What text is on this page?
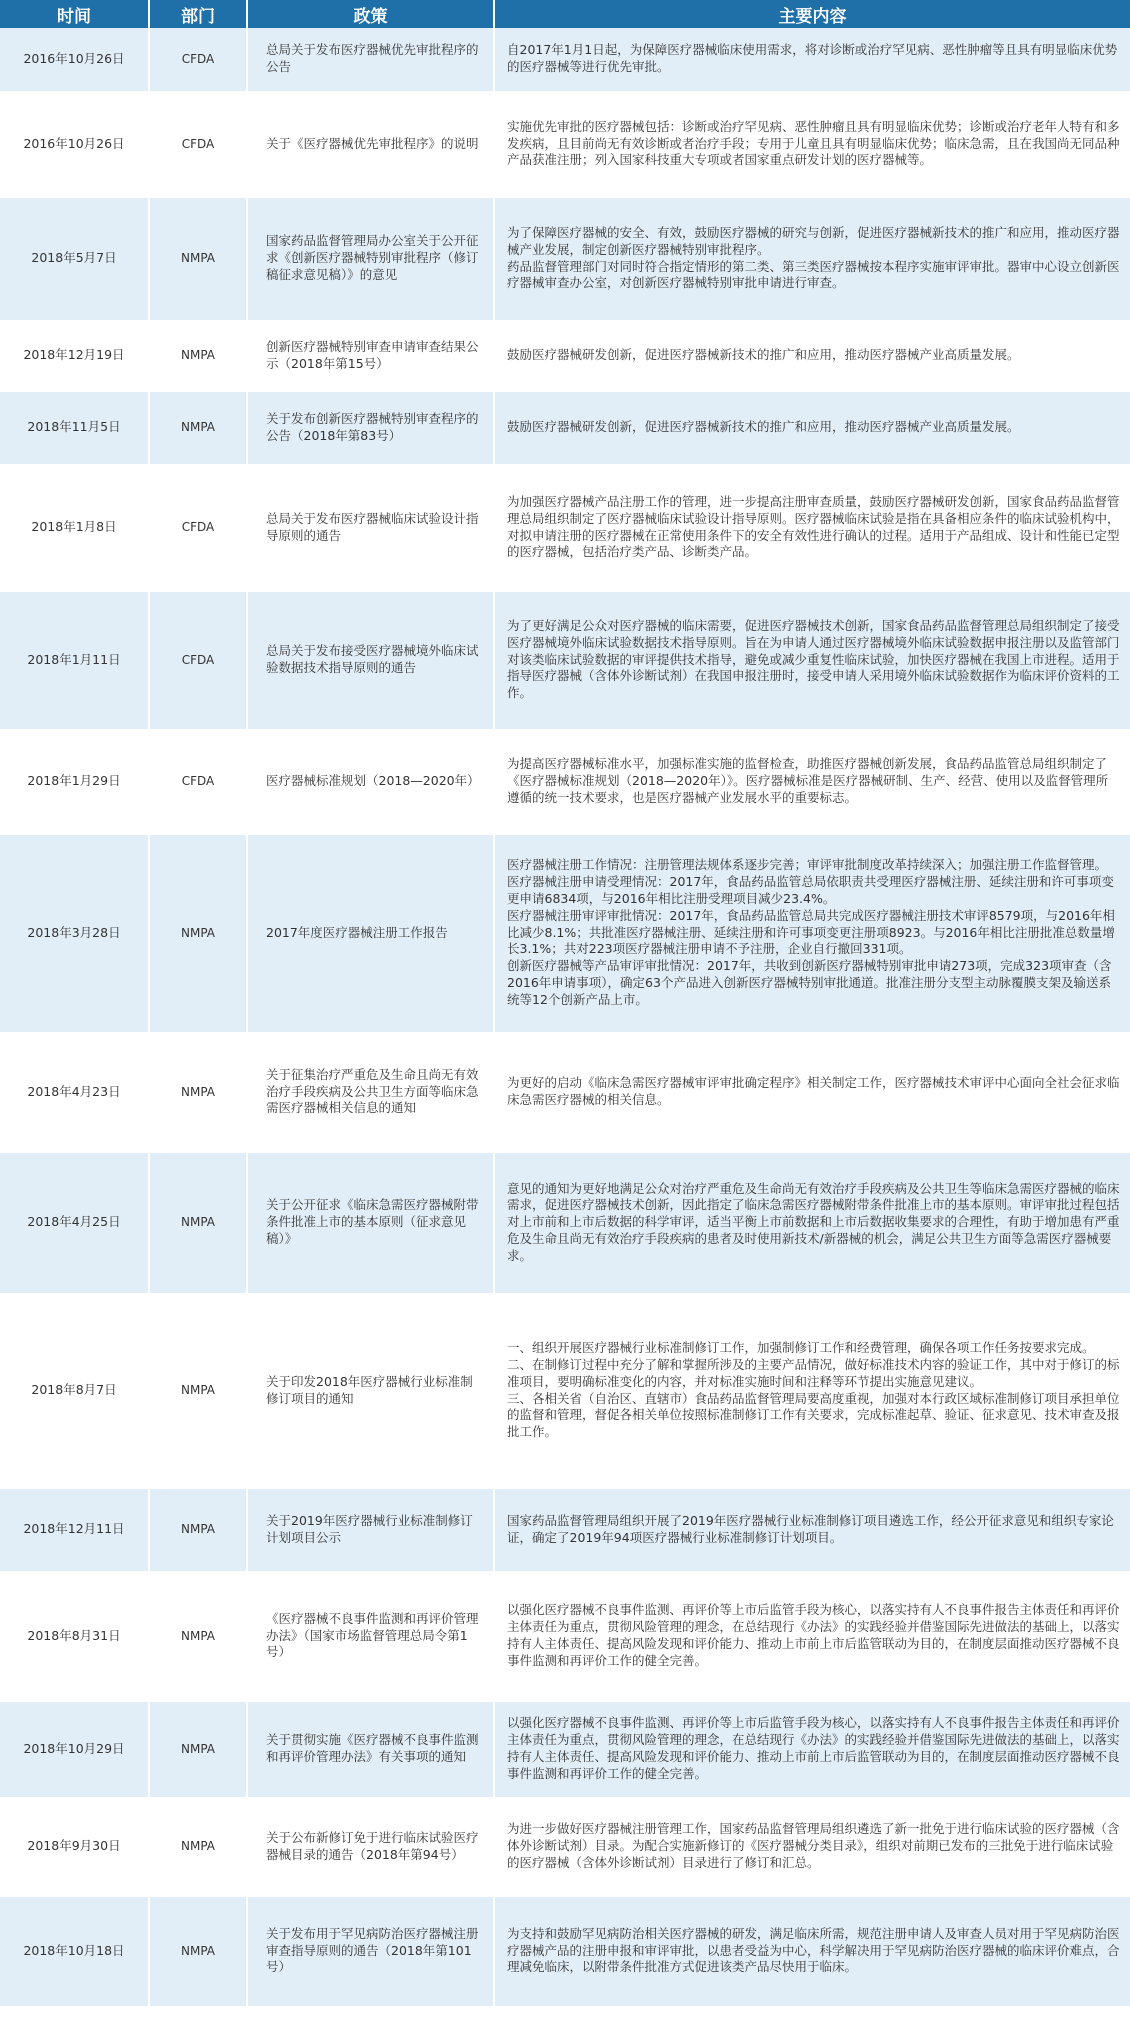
时间	部门	政策	主要内容
2016年10月26日	CFDA	总局关于发布医疗器械优先审批程序的公告	自2017年1月1日起，为保障医疗器械临床使用需求，将对诊断或治疗罕见病、恶性肿瘤等且具有明显临床优势的医疗器械等进行优先审批。
2016年10月26日	CFDA	关于《医疗器械优先审批程序》的说明	实施优先审批的医疗器械包括：诊断或治疗罕见病、恶性肿瘤且具有明显临床优势；诊断或治疗老年人特有和多发疾病，且目前尚无有效诊断或者治疗手段；专用于儿童且具有明显临床优势；临床急需，且在我国尚无同品种产品获准注册；列入国家科技重大专项或者国家重点研发计划的医疗器械等。
2018年5月7日	NMPA	国家药品监督管理局办公室关于公开征求《创新医疗器械特别审批程序（修订稿征求意见稿）》的意见	为了保障医疗器械的安全、有效，鼓励医疗器械的研究与创新，促进医疗器械新技术的推广和应用，推动医疗器械产业发展，制定创新医疗器械特别审批程序。
药品监督管理部门对同时符合指定情形的第二类、第三类医疗器械按本程序实施审评审批。器审中心设立创新医疗器械审查办公室，对创新医疗器械特别审批申请进行审查。
2018年12月19日	NMPA	创新医疗器械特别审查申请审查结果公示（2018年第15号）	鼓励医疗器械研发创新，促进医疗器械新技术的推广和应用，推动医疗器械产业高质量发展。
2018年11月5日	NMPA	关于发布创新医疗器械特别审查程序的公告（2018年第83号）	鼓励医疗器械研发创新，促进医疗器械新技术的推广和应用，推动医疗器械产业高质量发展。
2018年1月8日	CFDA	总局关于发布医疗器械临床试验设计指导原则的通告	为加强医疗器械产品注册工作的管理，进一步提高注册审查质量，鼓励医疗器械研发创新，国家食品药品监督管理总局组织制定了医疗器械临床试验设计指导原则。医疗器械临床试验是指在具备相应条件的临床试验机构中，对拟申请注册的医疗器械在正常使用条件下的安全有效性进行确认的过程。适用于产品组成、设计和性能已定型的医疗器械，包括治疗类产品、诊断类产品。
2018年1月11日	CFDA	总局关于发布接受医疗器械境外临床试验数据技术指导原则的通告	为了更好满足公众对医疗器械的临床需要，促进医疗器械技术创新，国家食品药品监督管理总局组织制定了接受医疗器械境外临床试验数据技术指导原则。旨在为申请人通过医疗器械境外临床试验数据申报注册以及监管部门对该类临床试验数据的审评提供技术指导，避免或减少重复性临床试验，加快医疗器械在我国上市进程。适用于指导医疗器械（含体外诊断试剂）在我国申报注册时，接受申请人采用境外临床试验数据作为临床评价资料的工作。
2018年1月29日	CFDA	医疗器械标准规划（2018—2020年）	为提高医疗器械标准水平，加强标准实施的监督检查，助推医疗器械创新发展，食品药品监管总局组织制定了《医疗器械标准规划（2018—2020年）》。医疗器械标准是医疗器械研制、生产、经营、使用以及监督管理所遵循的统一技术要求，也是医疗器械产业发展水平的重要标志。
2018年3月28日	NMPA	2017年度医疗器械注册工作报告	医疗器械注册工作情况：注册管理法规体系逐步完善；审评审批制度改革持续深入；加强注册工作监督管理。
医疗器械注册申请受理情况：2017年，食品药品监管总局依职责共受理医疗器械注册、延续注册和许可事项变更申请6834项，与2016年相比注册受理项目减少23.4%。
医疗器械注册审评审批情况：2017年，食品药品监管总局共完成医疗器械注册技术审评8579项，与2016年相比减少8.1%；共批准医疗器械注册、延续注册和许可事项变更注册项8923。与2016年相比注册批准总数量增长3.1%；共对223项医疗器械注册申请不予注册，企业自行撤回331项。
创新医疗器械等产品审评审批情况：2017年，共收到创新医疗器械特别审批申请273项，完成323项审查（含2016年申请事项），确定63个产品进入创新医疗器械特别审批通道。批准注册分支型主动脉覆膜支架及输送系统等12个创新产品上市。
2018年4月23日	NMPA	关于征集治疗严重危及生命且尚无有效治疗手段疾病及公共卫生方面等临床急需医疗器械相关信息的通知	为更好的启动《临床急需医疗器械审评审批确定程序》相关制定工作，医疗器械技术审评中心面向全社会征求临床急需医疗器械的相关信息。
2018年4月25日	NMPA	关于公开征求《临床急需医疗器械附带条件批准上市的基本原则（征求意见稿）》	意见的通知为更好地满足公众对治疗严重危及生命尚无有效治疗手段疾病及公共卫生等临床急需医疗器械的临床需求，促进医疗器械技术创新，因此指定了临床急需医疗器械附带条件批准上市的基本原则。审评审批过程包括对上市前和上市后数据的科学审评，适当平衡上市前数据和上市后数据收集要求的合理性，有助于增加患有严重危及生命且尚无有效治疗手段疾病的患者及时使用新技术/新器械的机会，满足公共卫生方面等急需医疗器械要求。
2018年8月7日	NMPA	关于印发2018年医疗器械行业标准制修订项目的通知	一、组织开展医疗器械行业标准制修订工作，加强制修订工作和经费管理，确保各项工作任务按要求完成。
二、在制修订过程中充分了解和掌握所涉及的主要产品情况，做好标准技术内容的验证工作，其中对于修订的标准项目，要明确标准变化的内容，并对标准实施时间和注释等环节提出实施意见建议。
三、各相关省（自治区、直辖市）食品药品监督管理局要高度重视，加强对本行政区域标准制修订项目承担单位的监督和管理，督促各相关单位按照标准制修订工作有关要求，完成标准起草、验证、征求意见、技术审查及报批工作。
2018年12月11日	NMPA	关于2019年医疗器械行业标准制修订计划项目公示	国家药品监督管理局组织开展了2019年医疗器械行业标准制修订项目遴选工作，经公开征求意见和组织专家论证，确定了2019年94项医疗器械行业标准制修订计划项目。
2018年8月31日	NMPA	《医疗器械不良事件监测和再评价管理办法》（国家市场监督管理总局令第1号）	以强化医疗器械不良事件监测、再评价等上市后监管手段为核心，以落实持有人不良事件报告主体责任和再评价主体责任为重点，贯彻风险管理的理念，在总结现行《办法》的实践经验并借鉴国际先进做法的基础上，以落实持有人主体责任、提高风险发现和评价能力、推动上市前上市后监管联动为目的，在制度层面推动医疗器械不良事件监测和再评价工作的健全完善。
2018年10月29日	NMPA	关于贯彻实施《医疗器械不良事件监测和再评价管理办法》有关事项的通知	以强化医疗器械不良事件监测、再评价等上市后监管手段为核心，以落实持有人不良事件报告主体责任和再评价主体责任为重点，贯彻风险管理的理念，在总结现行《办法》的实践经验并借鉴国际先进做法的基础上，以落实持有人主体责任、提高风险发现和评价能力、推动上市前上市后监管联动为目的，在制度层面推动医疗器械不良事件监测和再评价工作的健全完善。
2018年9月30日	NMPA	关于公布新修订免于进行临床试验医疗器械目录的通告（2018年第94号）	为进一步做好医疗器械注册管理工作，国家药品监督管理局组织遴选了新一批免于进行临床试验的医疗器械（含体外诊断试剂）目录。为配合实施新修订的《医疗器械分类目录》，组织对前期已发布的三批免于进行临床试验的医疗器械（含体外诊断试剂）目录进行了修订和汇总。
2018年10月18日	NMPA	关于发布用于罕见病防治医疗器械注册审查指导原则的通告（2018年第101号）	为支持和鼓励罕见病防治相关医疗器械的研发，满足临床所需，规范注册申请人及审查人员对用于罕见病防治医疗器械产品的注册申报和审评审批，以患者受益为中心，科学解决用于罕见病防治医疗器械的临床评价难点，合理减免临床，以附带条件批准方式促进该类产品尽快用于临床。
